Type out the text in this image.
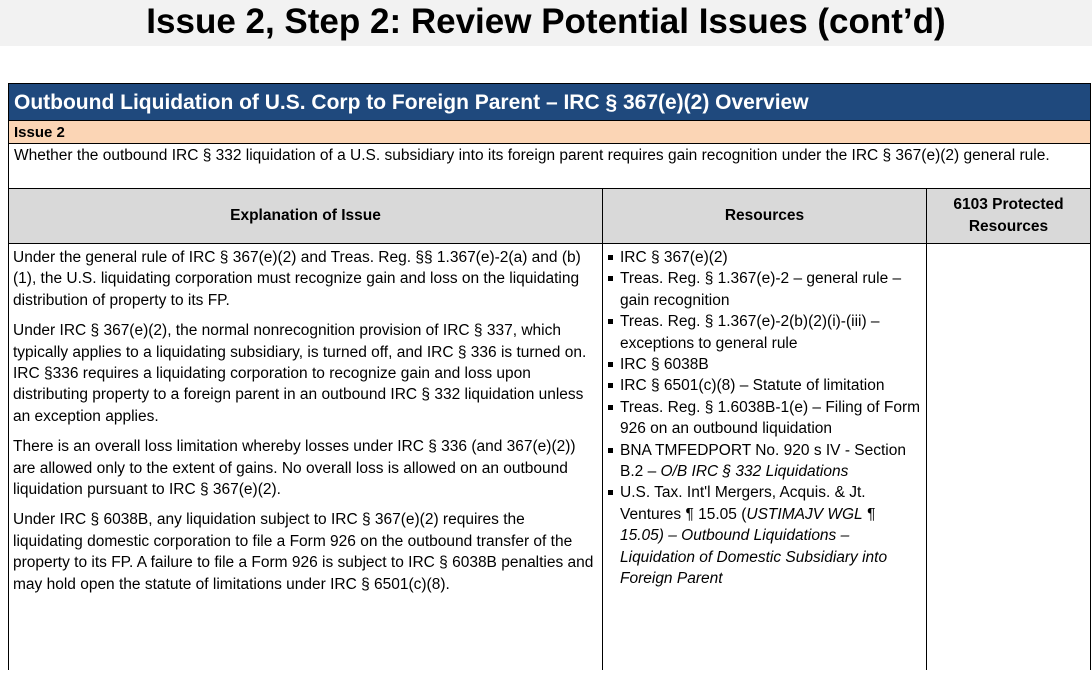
Issue 2, Step 2: Review Potential Issues (cont’d)
Outbound Liquidation of U.S. Corp to Foreign Parent – IRC § 367(e)(2) Overview
Issue 2
Whether the outbound IRC § 332 liquidation of a U.S. subsidiary into its foreign parent requires gain recognition under the IRC § 367(e)(2) general rule.
Explanation of Issue

Under the general rule of IRC § 367(e)(2) and Treas. Reg. §§ 1.367(e)-2(a) and (b)(1), the U.S. liquidating corporation must recognize gain and loss on the liquidating distribution of property to its FP.

Under IRC § 367(e)(2), the normal nonrecognition provision of IRC § 337, which typically applies to a liquidating subsidiary, is turned off, and IRC § 336 is turned on. IRC §336 requires a liquidating corporation to recognize gain and loss upon distributing property to a foreign parent in an outbound IRC § 332 liquidation unless an exception applies.

There is an overall loss limitation whereby losses under IRC § 336 (and 367(e)(2)) are allowed only to the extent of gains. No overall loss is allowed on an outbound liquidation pursuant to IRC § 367(e)(2).

Under IRC § 6038B, any liquidation subject to IRC § 367(e)(2) requires the liquidating domestic corporation to file a Form 926 on the outbound transfer of the property to its FP. A failure to file a Form 926 is subject to IRC § 6038B penalties and may hold open the statute of limitations under IRC § 6501(c)(8).

Resources
IRC § 367(e)(2)
Treas. Reg. § 1.367(e)-2 – general rule – gain recognition
Treas. Reg. § 1.367(e)-2(b)(2)(i)-(iii) – exceptions to general rule
IRC § 6038B
IRC § 6501(c)(8) – Statute of limitation
Treas. Reg. § 1.6038B-1(e) – Filing of Form 926 on an outbound liquidation
BNA TMFEDPORT No. 920 s IV - Section B.2 – O/B IRC § 332 Liquidations
U.S. Tax. Int'l Mergers, Acquis. & Jt. Ventures ¶ 15.05 (USTIMAJV WGL ¶ 15.05) – Outbound Liquidations – Liquidation of Domestic Subsidiary into Foreign Parent
6103 Protected Resources
